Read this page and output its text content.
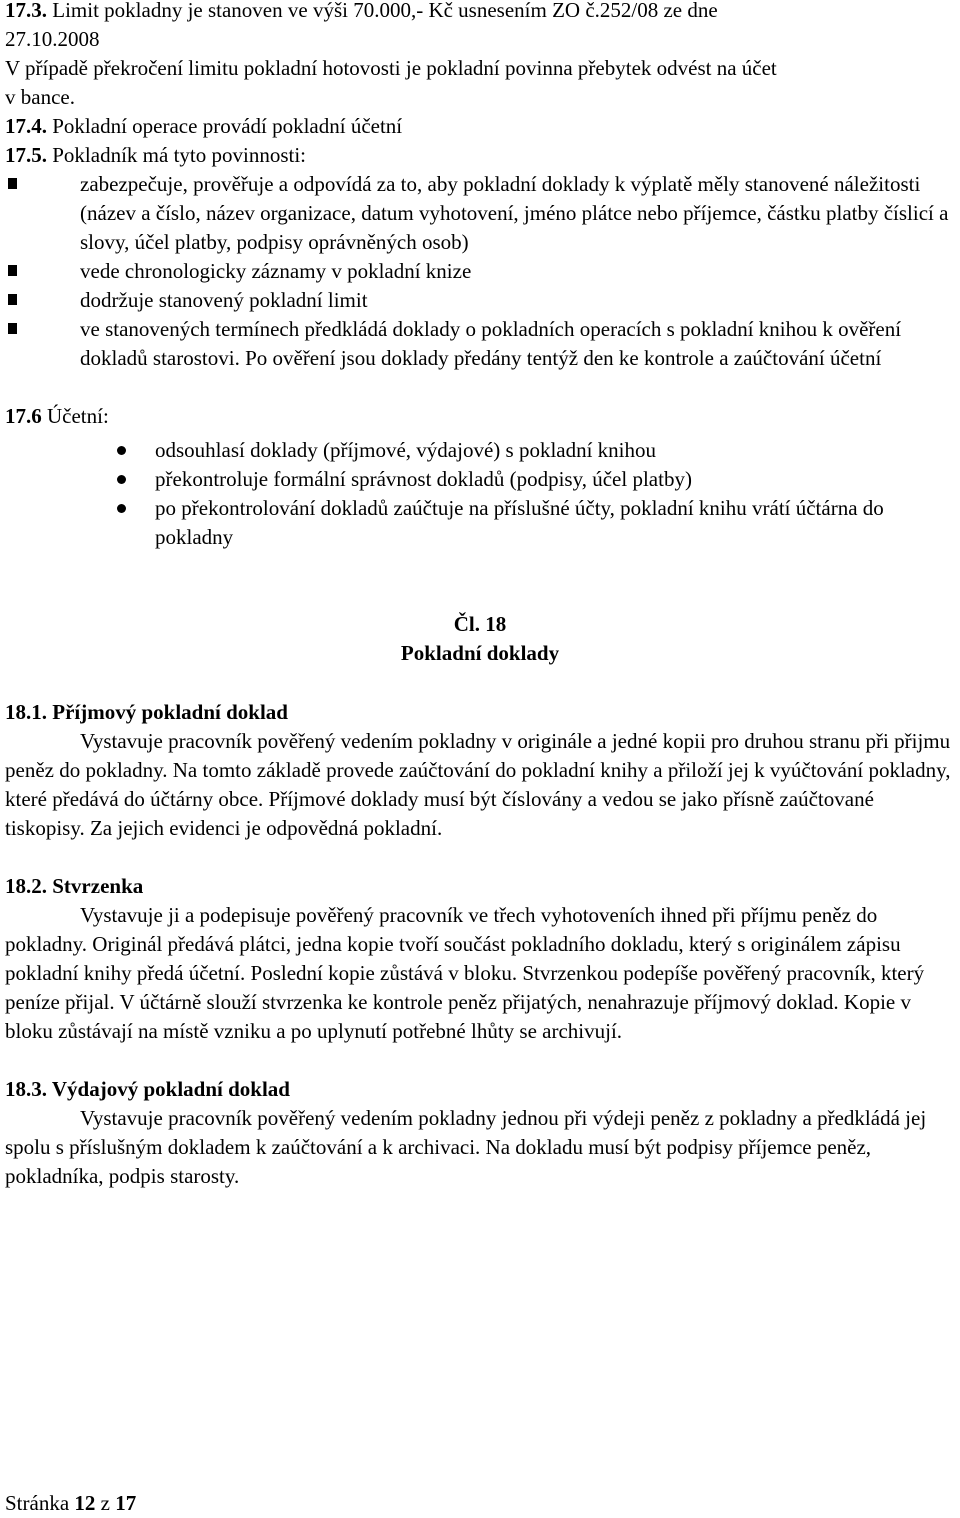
17.3. Limit pokladny je stanoven ve výši 70.000,- Kč usnesením ZO č.252/08 ze dne

27.10.2008

V případě překročení limitu pokladní hotovosti je pokladní povinna přebytek odvést na účet

v bance.

17.4. Pokladní operace provádí pokladní účetní

17.5. Pokladník má tyto povinnosti:

zabezpečuje, prověřuje a odpovídá za to, aby pokladní doklady k výplatě měly stanovené náležitosti (název a číslo, název organizace, datum vyhotovení, jméno plátce nebo příjemce, částku platby číslicí a slovy, účel platby, podpisy oprávněných osob)

vede chronologicky záznamy v pokladní knize

dodržuje stanovený pokladní limit

ve stanovených termínech předkládá doklady o pokladních operacích s pokladní knihou k ověření dokladů starostovi. Po ověření jsou doklady předány tentýž den ke kontrole a zaúčtování účetní

17.6 Účetní:

odsouhlasí doklady (příjmové, výdajové) s pokladní knihou

překontroluje formální správnost dokladů (podpisy, účel platby)

po překontrolování dokladů zaúčtuje na příslušné účty, pokladní knihu vrátí účtárna do pokladny

Čl. 18

Pokladní doklady

18.1. Příjmový pokladní doklad

Vystavuje pracovník pověřený vedením pokladny v originále a jedné kopii pro druhou stranu při přijmu peněz do pokladny. Na tomto základě provede zaúčtování do pokladní knihy a přiloží jej k vyúčtování pokladny, které předává do účtárny obce. Příjmové doklady musí být číslovány a vedou se jako přísně zaúčtované tiskopisy. Za jejich evidenci je odpovědná pokladní.

18.2. Stvrzenka

Vystavuje ji a podepisuje pověřený pracovník ve třech vyhotoveních ihned při příjmu peněz do pokladny. Originál předává plátci, jedna kopie tvoří součást pokladního dokladu, který s originálem zápisu pokladní knihy předá účetní. Poslední kopie zůstává v bloku. Stvrzenkou podepíše pověřený pracovník, který peníze přijal. V účtárně slouží stvrzenka ke kontrole peněz přijatých, nenahrazuje příjmový doklad. Kopie v bloku zůstávají na místě vzniku a po uplynutí potřebné lhůty se archivují.

18.3. Výdajový pokladní doklad

Vystavuje pracovník pověřený vedením pokladny jednou při výdeji peněz z pokladny a předkládá jej spolu s příslušným dokladem k zaúčtování a k archivaci. Na dokladu musí být podpisy příjemce peněz, pokladníka, podpis starosty.

Stránka 12 z 17
